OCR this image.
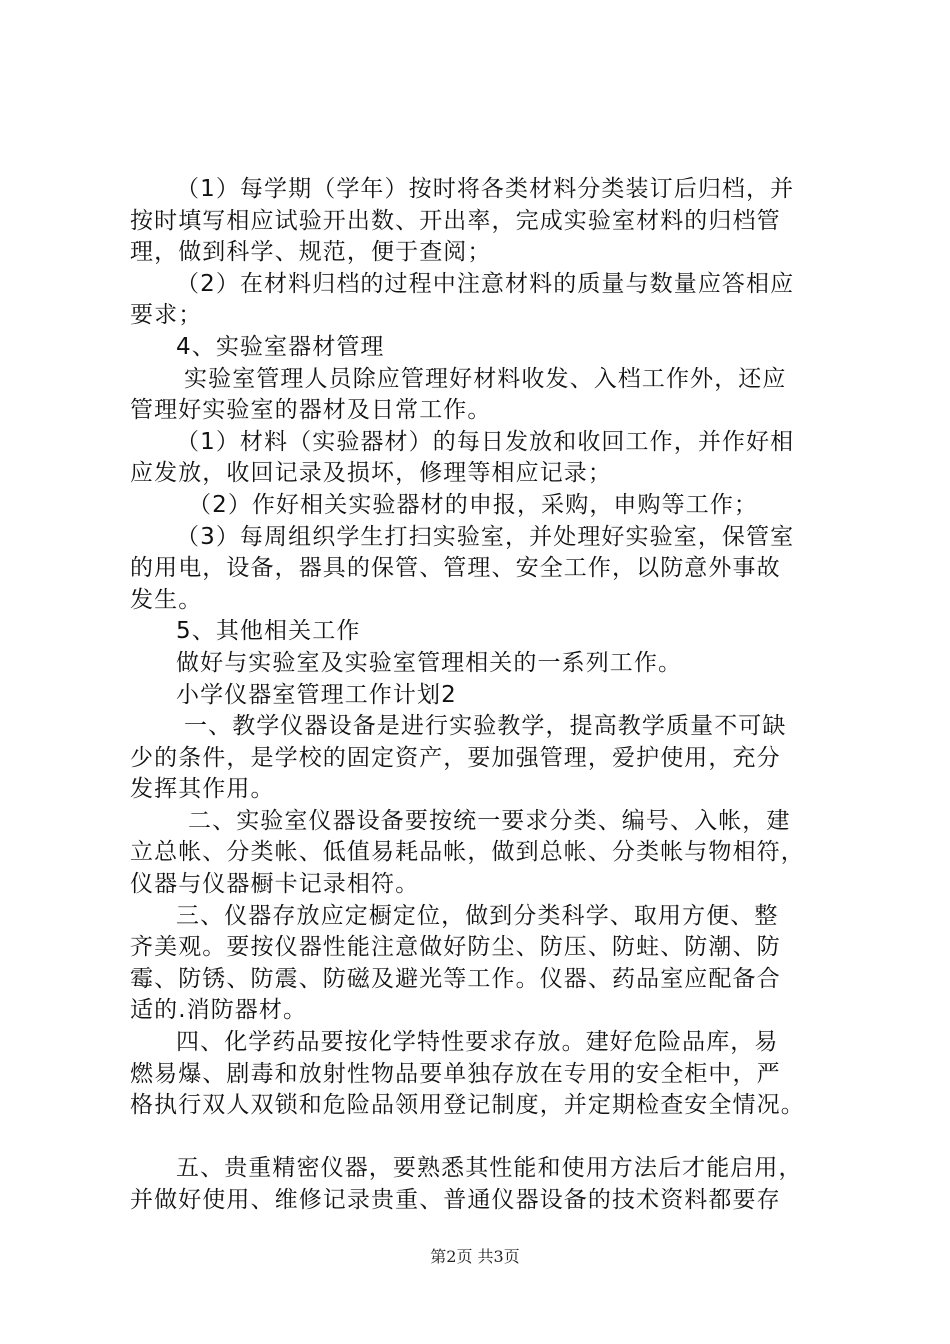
（1）每学期（学年）按时将各类材料分类装订后归档，并
按时填写相应试验开出数、开出率，完成实验室材料的归档管
理，做到科学、规范，便于查阅；
（2）在材料归档的过程中注意材料的质量与数量应答相应
要求；
4、实验室器材管理
实验室管理人员除应管理好材料收发、入档工作外，还应
管理好实验室的器材及日常工作。
（1）材料（实验器材）的每日发放和收回工作，并作好相
应发放，收回记录及损坏，修理等相应记录；
（2）作好相关实验器材的申报，采购，申购等工作；
（3）每周组织学生打扫实验室，并处理好实验室，保管室
的用电，设备，器具的保管、管理、安全工作，以防意外事故
发生。
5、其他相关工作
做好与实验室及实验室管理相关的一系列工作。
小学仪器室管理工作计划2
一、教学仪器设备是进行实验教学，提高教学质量不可缺
少的条件，是学校的固定资产，要加强管理，爱护使用，充分
发挥其作用。
二、实验室仪器设备要按统一要求分类、编号、入帐，建
立总帐、分类帐、低值易耗品帐，做到总帐、分类帐与物相符，
仪器与仪器橱卡记录相符。
三、仪器存放应定橱定位，做到分类科学、取用方便、整
齐美观。要按仪器性能注意做好防尘、防压、防蛀、防潮、防
霉、防锈、防震、防磁及避光等工作。仪器、药品室应配备合
适的.消防器材。
四、化学药品要按化学特性要求存放。建好危险品库，易
燃易爆、剧毒和放射性物品要单独存放在专用的安全柜中，严
格执行双人双锁和危险品领用登记制度，并定期检查安全情况。
五、贵重精密仪器，要熟悉其性能和使用方法后才能启用，
并做好使用、维修记录贵重、普通仪器设备的技术资料都要存
第2页 共3页
